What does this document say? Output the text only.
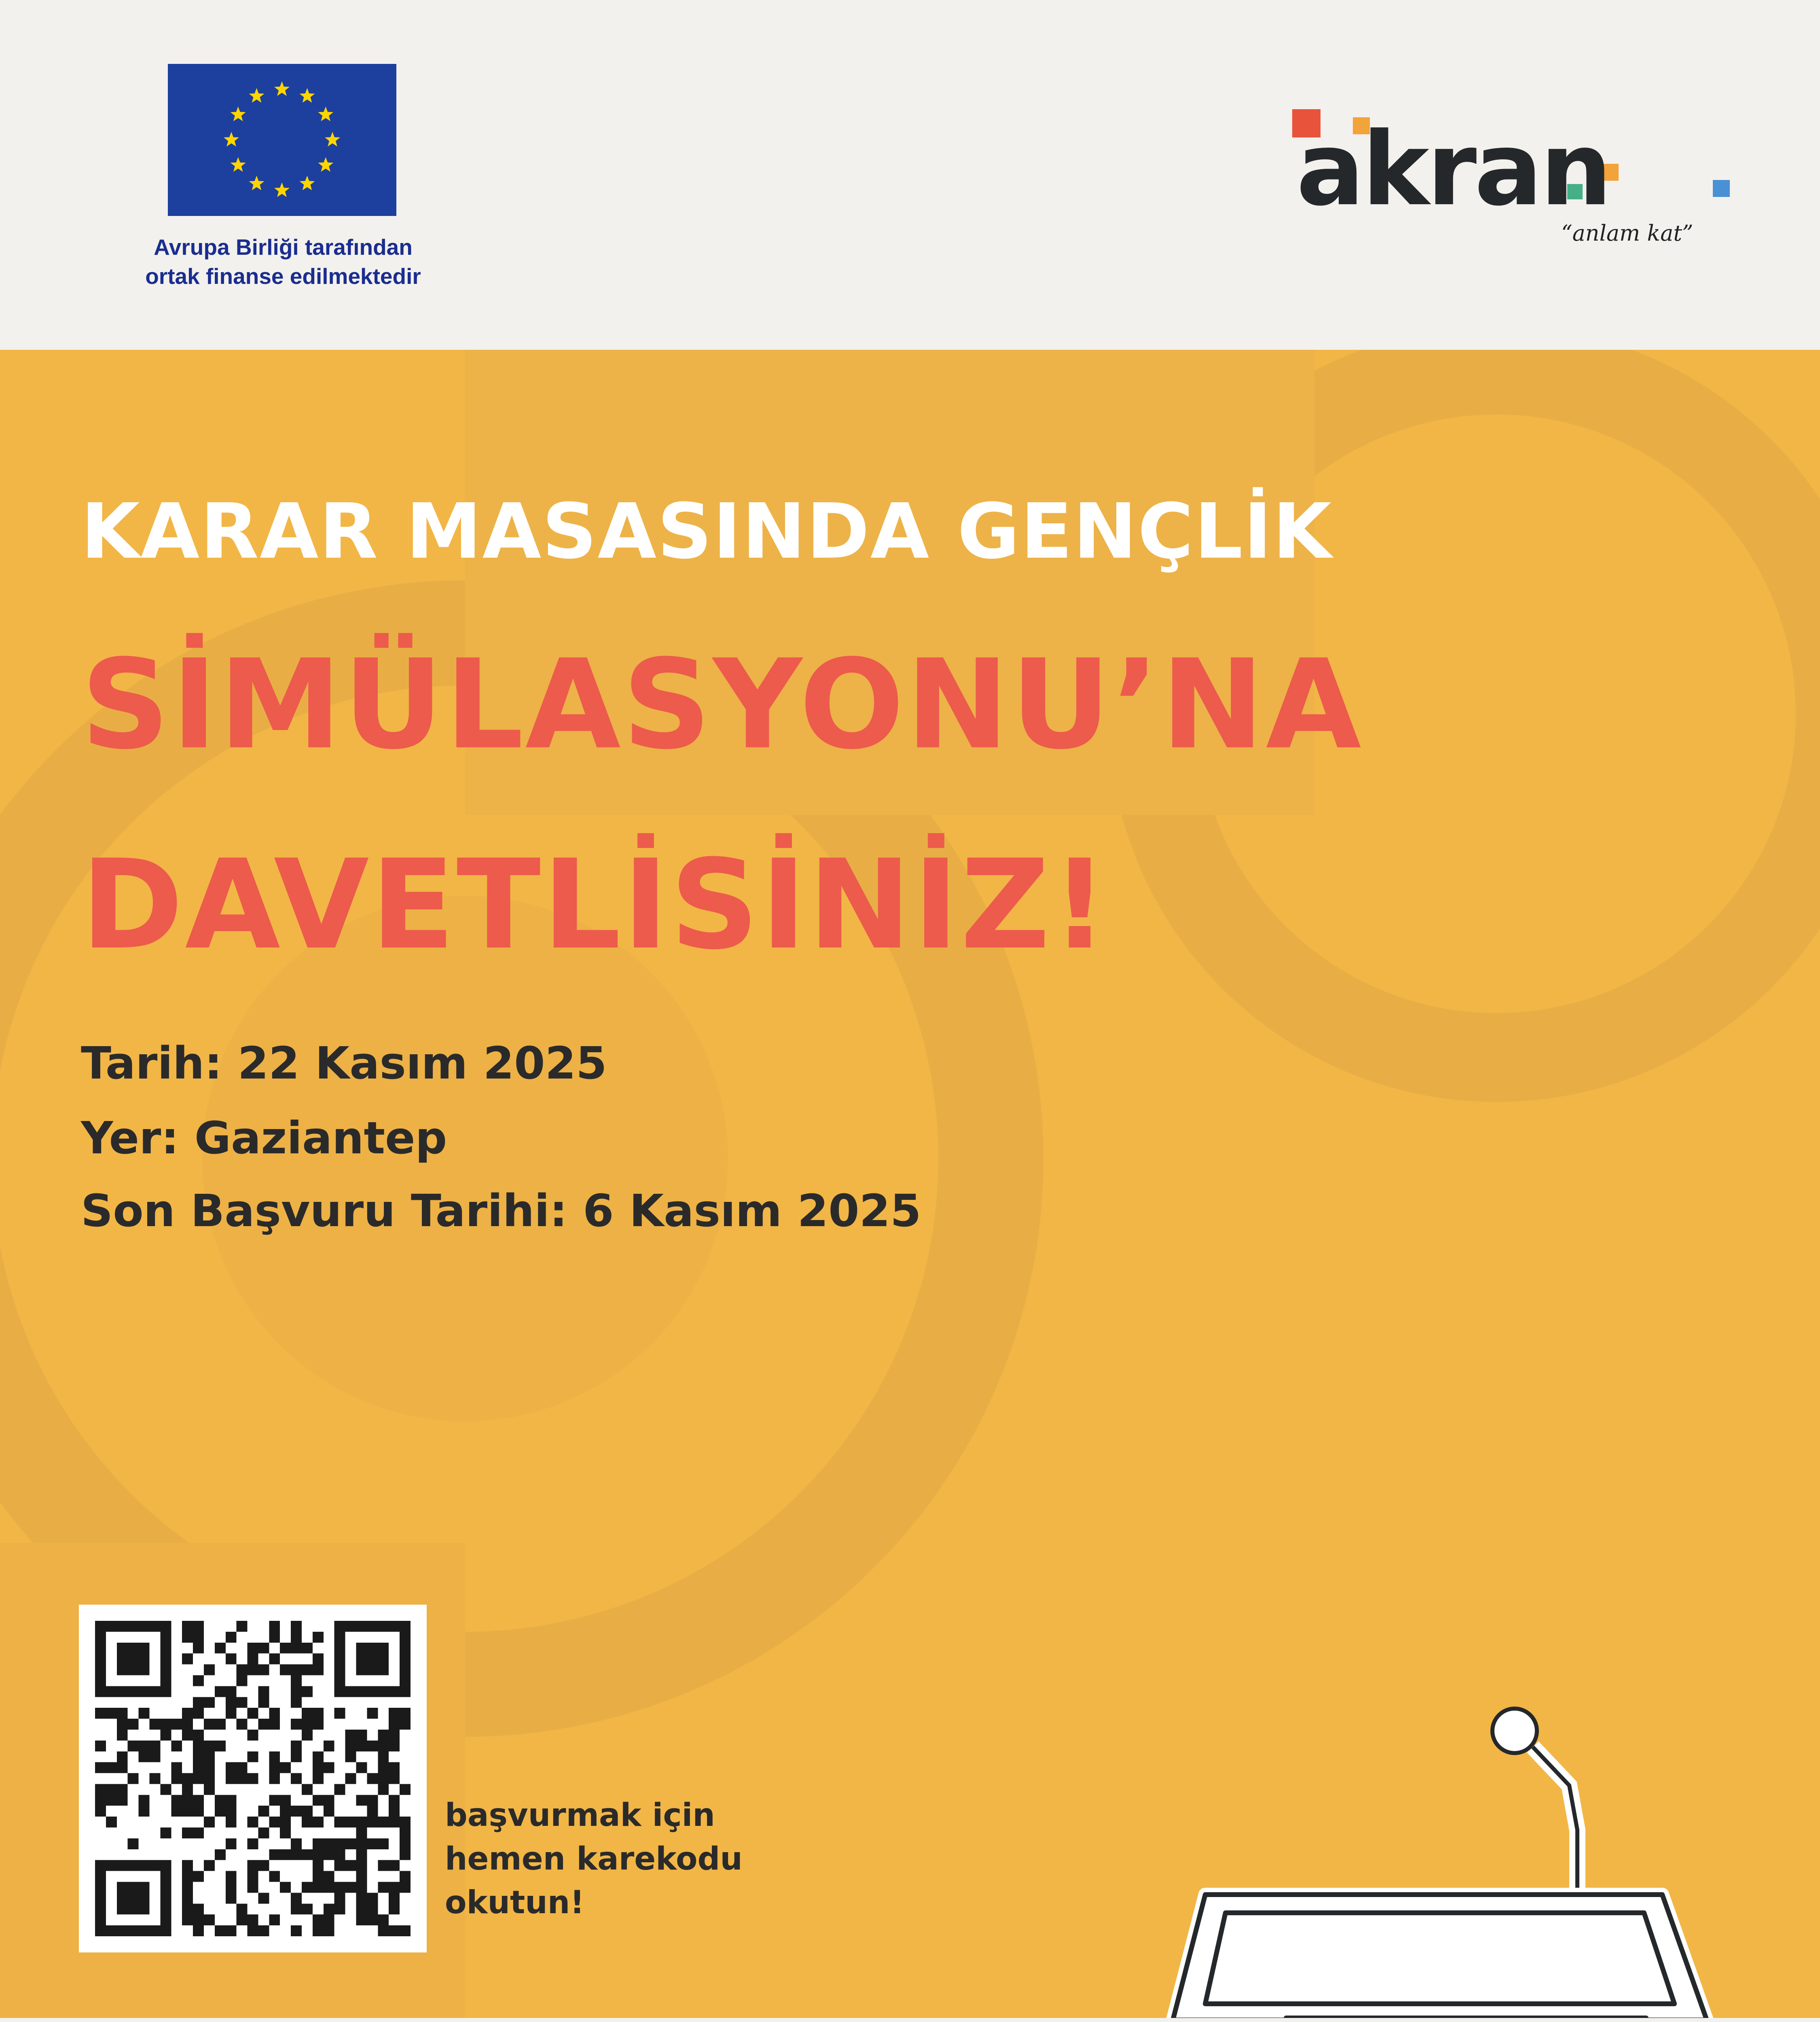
Avrupa Birliği tarafından
ortak finanse edilmektedir
akran
“anlam kat”
KARAR MASASINDA GENÇLİK
SİMÜLASYONU’NA
DAVETLİSİNİZ!
Tarih: 22 Kasım 2025
Yer: Gaziantep
Son Başvuru Tarihi: 6 Kasım 2025
başvurmak için
hemen karekodu
okutun!
